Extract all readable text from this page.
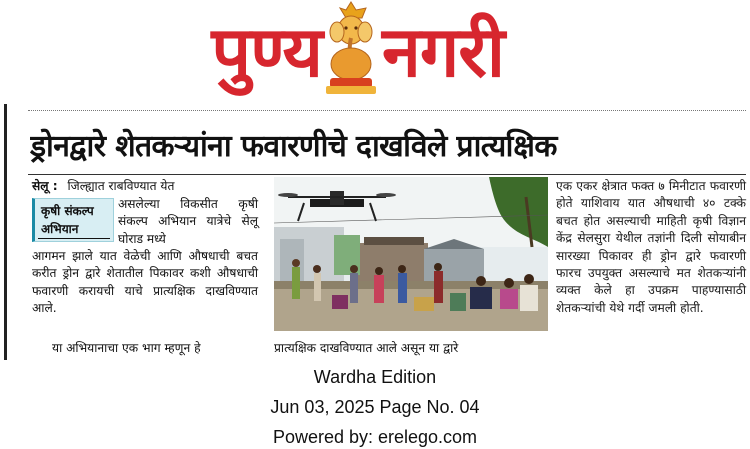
पुण्य नगरी
ड्रोनद्वारे शेतकऱ्यांना फवारणीचे दाखविले प्रात्यक्षिक
सेलू : जिल्ह्यात राबविण्यात येत
कृषी संकल्प
अभियान
असलेल्या विकसीत कृषी संकल्प अभियान यात्रेचे सेलू घोराड मध्ये
आगमन झाले यात वेळेची आणि औषधाची बचत करीत ड्रोन द्वारे शेतातील पिकावर कशी औषधाची फवारणी करायची याचे प्रात्यक्षिक दाखविण्यात आले.
या अभियानाचा एक भाग म्हणून हे	प्रात्यक्षिक दाखविण्यात आले असून या द्वारे
एक एकर क्षेत्रात फक्त ७ मिनीटात फवारणी होते याशिवाय यात औषधाची ४० टक्के बचत होत असल्याची माहिती कृषी विज्ञान केंद्र सेलसुरा येथील तज्ञांनी दिली सोयाबीन सारख्या पिकावर ही ड्रोन द्वारे फवारणी फारच उपयुक्त असल्याचे मत शेतकऱ्यांनी व्यक्त केले हा उपक्रम पाहण्यासाठी शेतकऱ्यांची येथे गर्दी जमली होती.
Wardha Edition
Jun 03, 2025 Page No. 04
Powered by: erelego.com
